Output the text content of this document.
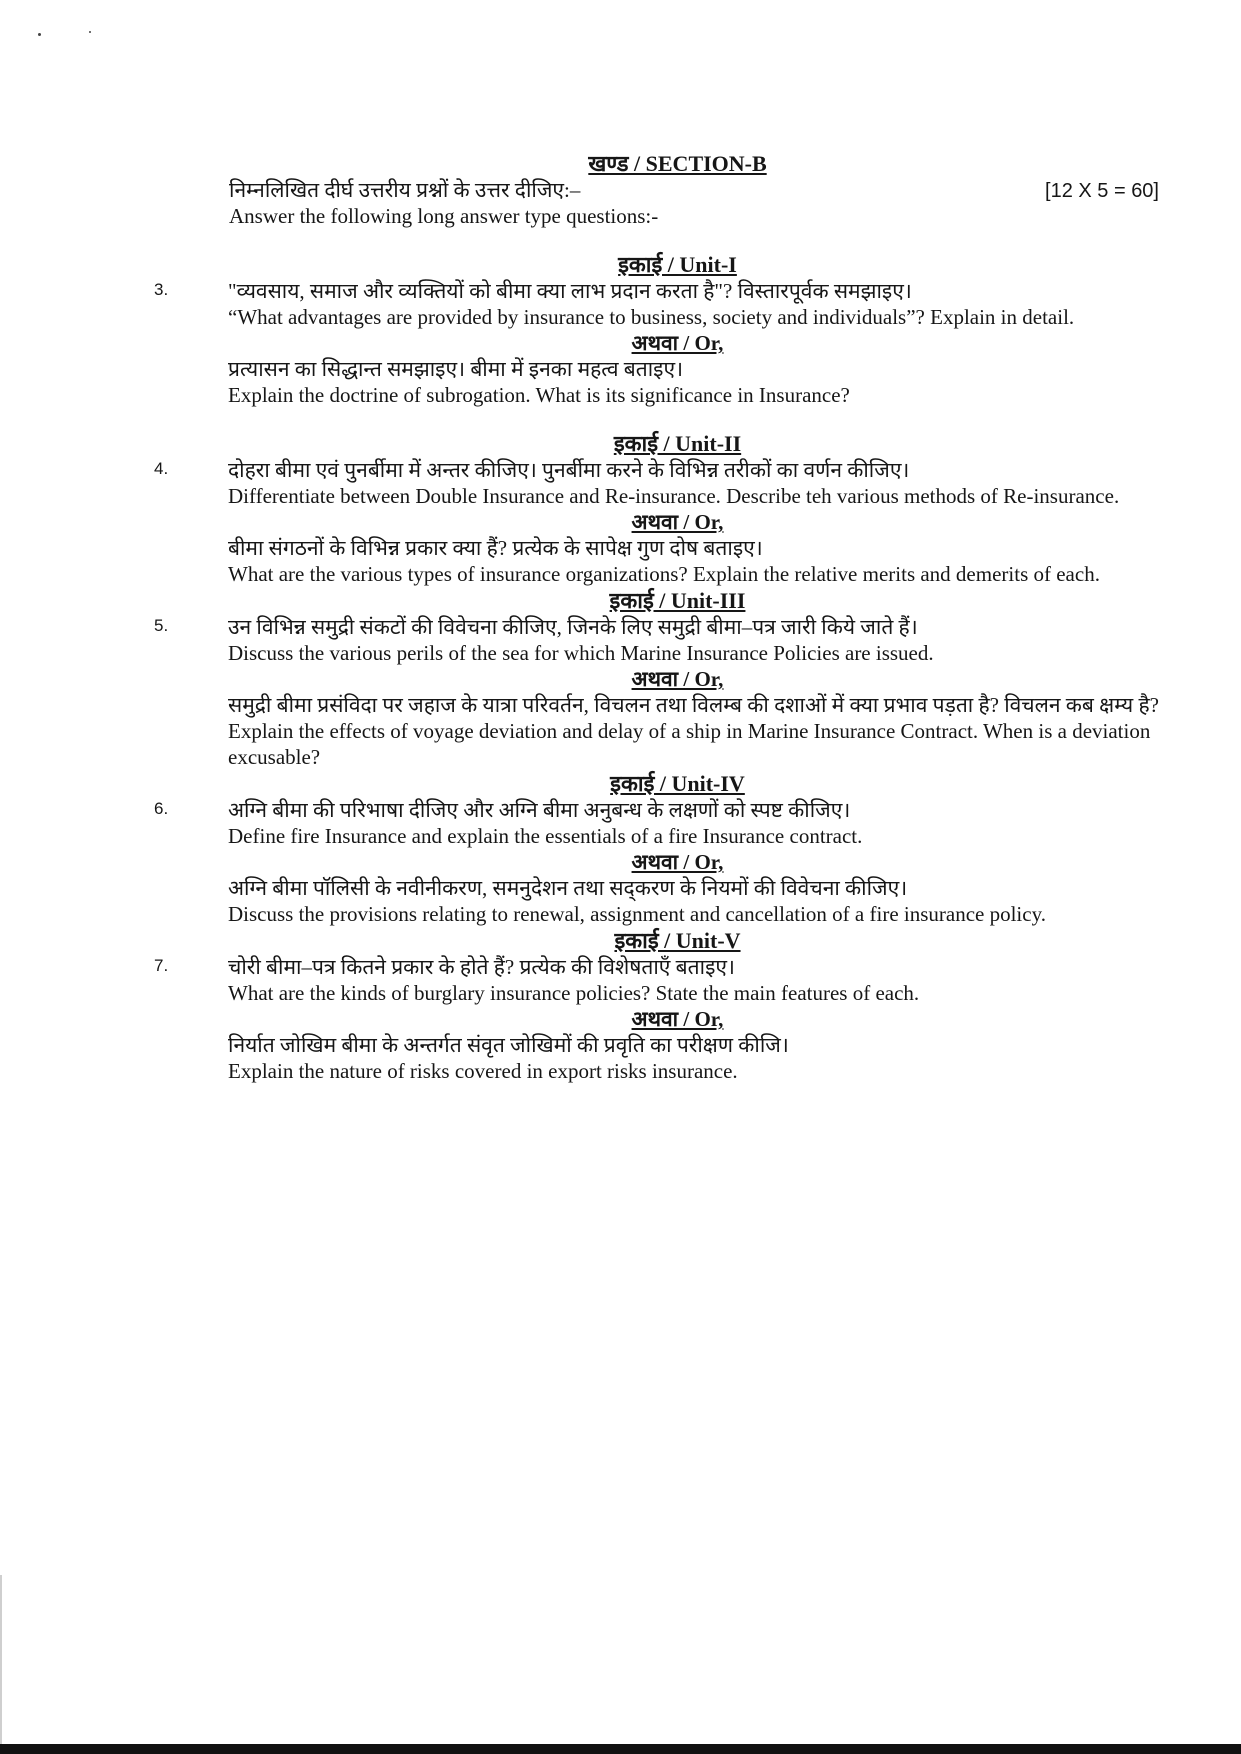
खण्ड / SECTION-B
निम्नलिखित दीर्घ उत्तरीय प्रश्नों के उत्तर दीजिए:–	[12 X 5 = 60]
Answer the following long answer type questions:-
इकाई / Unit-I
3.	"व्यवसाय, समाज और व्यक्तियों को बीमा क्या लाभ प्रदान करता है"? विस्तारपूर्वक समझाइए।
“What advantages are provided by insurance to business, society and individuals”? Explain in detail.
अथवा / Or,
प्रत्यासन का सिद्धान्त समझाइए। बीमा में इनका महत्व बताइए।
Explain the doctrine of subrogation. What is its significance in Insurance?
इकाई / Unit-II
4.	दोहरा बीमा एवं पुनर्बीमा में अन्तर कीजिए। पुनर्बीमा करने के विभिन्न तरीकों का वर्णन कीजिए।
Differentiate between Double Insurance and Re-insurance. Describe teh various methods of Re-insurance.
अथवा / Or,
बीमा संगठनों के विभिन्न प्रकार क्या हैं? प्रत्येक के सापेक्ष गुण दोष बताइए।
What are the various types of insurance organizations? Explain the relative merits and demerits of each.
इकाई / Unit-III
5.	उन विभिन्न समुद्री संकटों की विवेचना कीजिए, जिनके लिए समुद्री बीमा–पत्र जारी किये जाते हैं।
Discuss the various perils of the sea for which Marine Insurance Policies are issued.
अथवा / Or,
समुद्री बीमा प्रसंविदा पर जहाज के यात्रा परिवर्तन, विचलन तथा विलम्ब की दशाओं में क्या प्रभाव पड़ता है? विचलन कब क्षम्य है?
Explain the effects of voyage deviation and delay of a ship in Marine Insurance Contract. When is a deviation excusable?
इकाई / Unit-IV
6.	अग्नि बीमा की परिभाषा दीजिए और अग्नि बीमा अनुबन्ध के लक्षणों को स्पष्ट कीजिए।
Define fire Insurance and explain the essentials of a fire Insurance contract.
अथवा / Or,
अग्नि बीमा पॉलिसी के नवीनीकरण, समनुदेशन तथा सद्करण के नियमों की विवेचना कीजिए।
Discuss the provisions relating to renewal, assignment and cancellation of a fire insurance policy.
इकाई / Unit-V
7.	चोरी बीमा–पत्र कितने प्रकार के होते हैं? प्रत्येक की विशेषताऍं बताइए।
What are the kinds of burglary insurance policies? State the main features of each.
अथवा / Or,
निर्यात जोखिम बीमा के अन्तर्गत संवृत जोखिमों की प्रवृति का परीक्षण कीजि।
Explain the nature of risks covered in export risks insurance.
